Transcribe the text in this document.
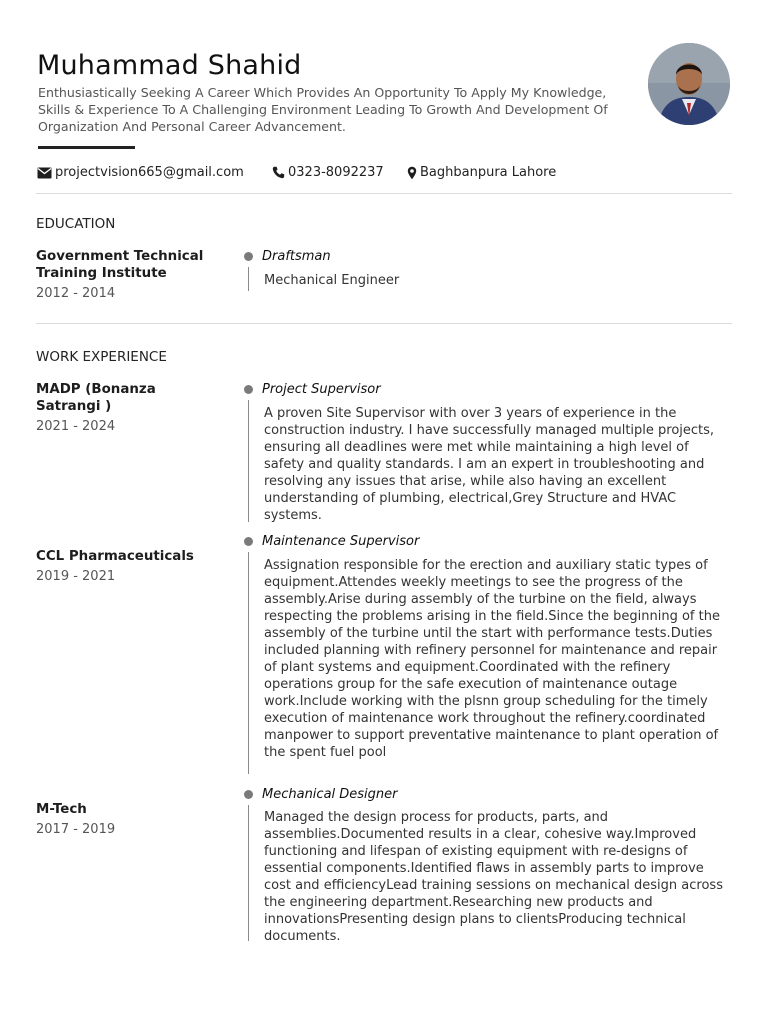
Muhammad Shahid

Enthusiastically Seeking A Career Which Provides An Opportunity To Apply My Knowledge, Skills & Experience To A Challenging Environment Leading To Growth And Development Of Organization And Personal Career Advancement.

projectvision665@gmail.com	0323-8092237	Baghbanpura Lahore
EDUCATION

Government Technical Training Institute

2012 - 2014
Draftsman

Mechanical Engineer

WORK EXPERIENCE

MADP (Bonanza Satrangi )

2021 - 2024
Project Supervisor

A proven Site Supervisor with over 3 years of experience in the construction industry. I have successfully managed multiple projects, ensuring all deadlines were met while maintaining a high level of safety and quality standards. I am an expert in troubleshooting and resolving any issues that arise, while also having an excellent understanding of plumbing, electrical,Grey Structure and HVAC systems.

CCL Pharmaceuticals

2019 - 2021
Maintenance Supervisor

Assignation responsible for the erection and auxiliary static types of equipment.Attendes weekly meetings to see the progress of the assembly.Arise during assembly of the turbine on the field, always respecting the problems arising in the field.Since the beginning of the assembly of the turbine until the start with performance tests.Duties included planning with refinery personnel for maintenance and repair of plant systems and equipment.Coordinated with the refinery operations group for the safe execution of maintenance outage work.Include working with the plsnn group scheduling for the timely execution of maintenance work throughout the refinery.coordinated manpower to support preventative maintenance to plant operation of the spent fuel pool

M-Tech

2017 - 2019
Mechanical Designer

Managed the design process for products, parts, and assemblies.Documented results in a clear, cohesive way.Improved functioning and lifespan of existing equipment with re-designs of essential components.Identified flaws in assembly parts to improve cost and efficiencyLead training sessions on mechanical design across the engineering department.Researching new products and innovationsPresenting design plans to clientsProducing technical documents.
